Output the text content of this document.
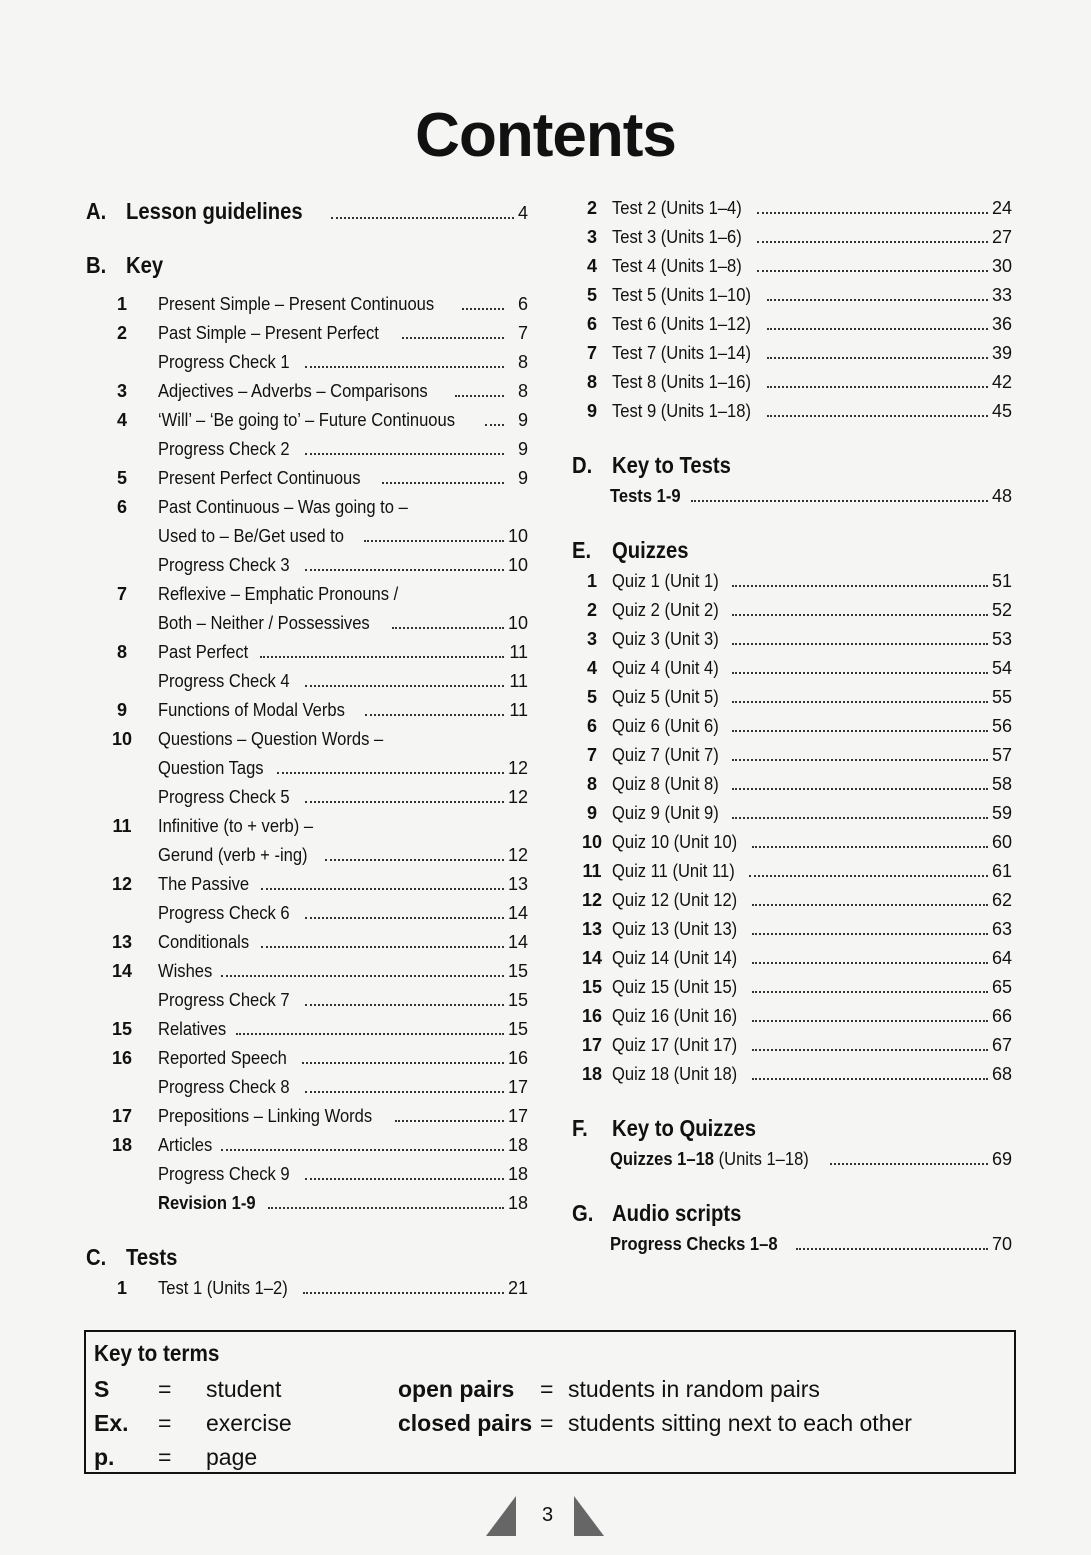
Contents
A. Lesson guidelines	4
B. Key
1	Present Simple – Present Continuous	6
2	Past Simple – Present Perfect	7
Progress Check 1	8
3	Adjectives – Adverbs – Comparisons	8
4	‘Will’ – ‘Be going to’ – Future Continuous	9
Progress Check 2	9
5	Present Perfect Continuous	9
6	Past Continuous – Was going to –
Used to – Be/Get used to	10
Progress Check 3	10
7	Reflexive – Emphatic Pronouns /
Both – Neither / Possessives	10
8	Past Perfect	11
Progress Check 4	11
9	Functions of Modal Verbs	11
10	Questions – Question Words –
Question Tags	12
Progress Check 5	12
11	Infinitive (to + verb) –
Gerund (verb + -ing)	12
12	The Passive	13
Progress Check 6	14
13	Conditionals	14
14	Wishes	15
Progress Check 7	15
15	Relatives	15
16	Reported Speech	16
Progress Check 8	17
17	Prepositions – Linking Words	17
18	Articles	18
Progress Check 9	18
Revision 1-9	18
C. Tests
1	Test 1 (Units 1–2)	21
2 Test 2 (Units 1–4)	24
3 Test 3 (Units 1–6)	27
4 Test 4 (Units 1–8)	30
5 Test 5 (Units 1–10)	33
6 Test 6 (Units 1–12)	36
7 Test 7 (Units 1–14)	39
8 Test 8 (Units 1–16)	42
9 Test 9 (Units 1–18)	45
D. Key to Tests
Tests 1-9	48
E. Quizzes
1 Quiz 1 (Unit 1)	51
2 Quiz 2 (Unit 2)	52
3 Quiz 3 (Unit 3)	53
4 Quiz 4 (Unit 4)	54
5 Quiz 5 (Unit 5)	55
6 Quiz 6 (Unit 6)	56
7 Quiz 7 (Unit 7)	57
8 Quiz 8 (Unit 8)	58
9 Quiz 9 (Unit 9)	59
10 Quiz 10 (Unit 10)	60
11 Quiz 11 (Unit 11)	61
12 Quiz 12 (Unit 12)	62
13 Quiz 13 (Unit 13)	63
14 Quiz 14 (Unit 14)	64
15 Quiz 15 (Unit 15)	65
16 Quiz 16 (Unit 16)	66
17 Quiz 17 (Unit 17)	67
18 Quiz 18 (Unit 18)	68
F.	Key to Quizzes
Quizzes 1–18 (Units 1–18)	69
G. Audio scripts
Progress Checks 1–8	70
Key to terms
S = student
Ex. = exercise
p. = page
open pairs = students in random pairs
closed pairs = students sitting next to each other
3
